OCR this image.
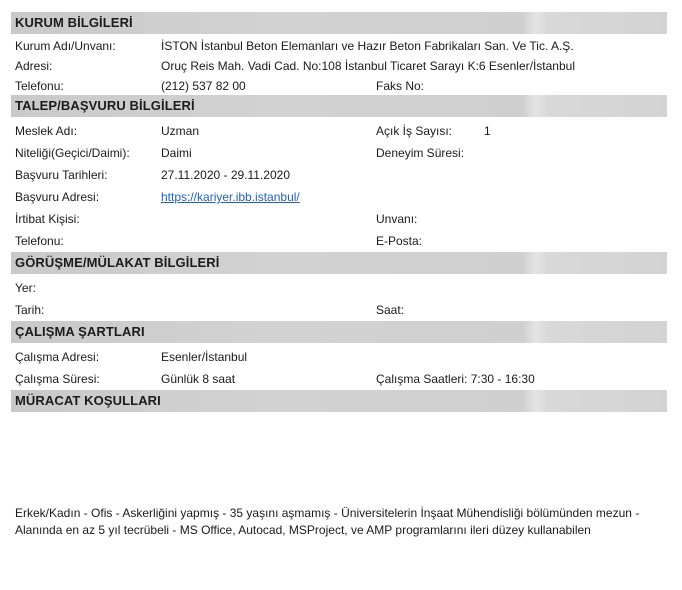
KURUM BİLGİLERİ
Kurum Adı/Unvanı:	İSTON İstanbul Beton Elemanları ve Hazır Beton Fabrikaları San. Ve Tic. A.Ş.
Adresi:	Oruç Reis Mah. Vadi Cad. No:108 İstanbul Ticaret Sarayı K:6 Esenler/İstanbul
Telefonu:	(212) 537 82 00	Faks No:
TALEP/BAŞVURU BİLGİLERİ
Meslek Adı:	Uzman	Açık İş Sayısı:	1
Niteliği(Geçici/Daimi):	Daimi	Deneyim Süresi:
Başvuru Tarihleri:	27.11.2020 - 29.11.2020
Başvuru Adresi:	https://kariyer.ibb.istanbul/
İrtibat Kişisi:	Unvanı:
Telefonu:	E-Posta:
GÖRÜŞME/MÜLAKAT BİLGİLERİ
Yer:
Tarih:	Saat:
ÇALIŞMA ŞARTLARI
Çalışma Adresi:	Esenler/İstanbul
Çalışma Süresi:	Günlük 8 saat	Çalışma Saatleri: 7:30 - 16:30
MÜRACAT KOŞULLARI
Erkek/Kadın - Ofis - Askerliğini yapmış - 35 yaşını aşmamış - Üniversitelerin İnşaat Mühendisliği bölümünden mezun - Alanında en az 5 yıl tecrübeli - MS Office, Autocad, MSProject, ve AMP programlarını ileri düzey kullanabilen
